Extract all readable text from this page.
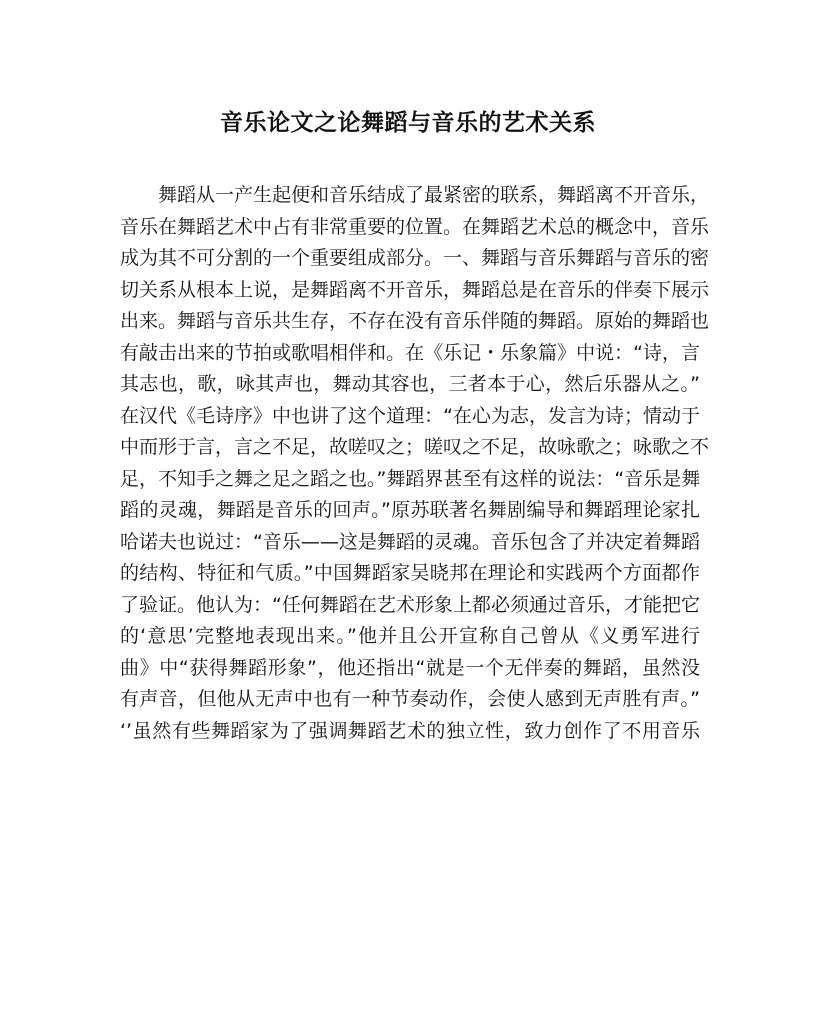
音乐论文之论舞蹈与音乐的艺术关系
舞蹈从一产生起便和音乐结成了最紧密的联系，舞蹈离不开音乐，
音乐在舞蹈艺术中占有非常重要的位置。在舞蹈艺术总的概念中，音乐
成为其不可分割的一个重要组成部分。一、舞蹈与音乐舞蹈与音乐的密
切关系从根本上说，是舞蹈离不开音乐，舞蹈总是在音乐的伴奏下展示
出来。舞蹈与音乐共生存，不存在没有音乐伴随的舞蹈。原始的舞蹈也
有敲击出来的节拍或歌唱相伴和。在《乐记・乐象篇》中说：“诗，言
其志也，歌，咏其声也，舞动其容也，三者本于心，然后乐器从之。”
在汉代《毛诗序》中也讲了这个道理：“在心为志，发言为诗；情动于
中而形于言，言之不足，故嗟叹之；嗟叹之不足，故咏歌之；咏歌之不
足，不知手之舞之足之蹈之也。”舞蹈界甚至有这样的说法：“音乐是舞
蹈的灵魂，舞蹈是音乐的回声。”原苏联著名舞剧编导和舞蹈理论家扎
哈诺夫也说过：“音乐——这是舞蹈的灵魂。音乐包含了并决定着舞蹈
的结构、特征和气质。”中国舞蹈家吴晓邦在理论和实践两个方面都作
了验证。他认为：“任何舞蹈在艺术形象上都必须通过音乐，才能把它
的‘意思’完整地表现出来。”他并且公开宣称自己曾从《义勇军进行
曲》中“获得舞蹈形象”，他还指出“就是一个无伴奏的舞蹈，虽然没
有声音，但他从无声中也有一种节奏动作，会使人感到无声胜有声。”
‘’虽然有些舞蹈家为了强调舞蹈艺术的独立性，致力创作了不用音乐
